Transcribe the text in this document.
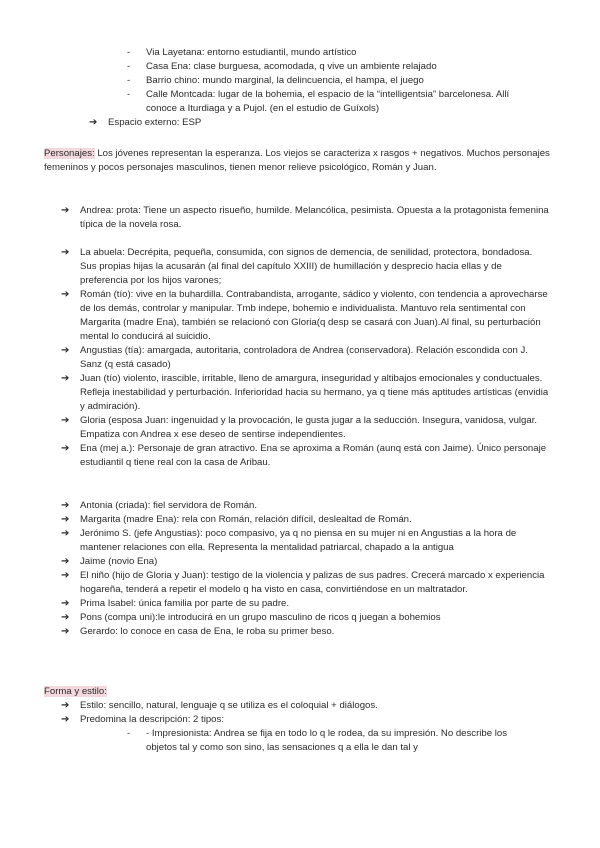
- Via Layetana: entorno estudiantil, mundo artístico
- Casa Ena: clase burguesa, acomodada, q vive un ambiente relajado
- Barrio chino: mundo marginal, la delincuencia, el hampa, el juego
- Calle Montcada: lugar de la bohemia, el espacio de la “intelligentsia” barcelonesa. Allí conoce a Iturdiaga y a Pujol. (en el estudio de Guíxols)
➔ Espacio externo: ESP
Personajes: Los jóvenes representan la esperanza. Los viejos se caracteriza x rasgos + negativos. Muchos personajes femeninos y pocos personajes masculinos, tienen menor relieve psicológico, Román y Juan.
➔ Andrea: prota: Tiene un aspecto risueño, humilde. Melancólica, pesimista. Opuesta a la protagonista femenina típica de la novela rosa.
➔ La abuela: Decrépita, pequeña, consumida, con signos de demencia, de senilidad, protectora, bondadosa. Sus propias hijas la acusarán (al final del capítulo XXIII) de humillación y desprecio hacia ellas y de preferencia por los hijos varones;
➔ Román (tío): vive en la buhardilla. Contrabandista, arrogante, sádico y violento, con tendencia a aprovecharse de los demás, controlar y manipular. Tmb indepe, bohemio e individualista. Mantuvo rela sentimental con Margarita (madre Ena), también se relacionó con Gloria(q desp se casará con Juan).Al final, su perturbación mental lo conducirá al suicidio.
➔ Angustias (tía): amargada, autoritaria, controladora de Andrea (conservadora). Relación escondida con J. Sanz (q está casado)
➔ Juan (tío) violento, irascible, irritable, lleno de amargura, inseguridad y altibajos emocionales y conductuales. Refleja inestabilidad y perturbación. Inferioridad hacia su hermano, ya q tiene más aptitudes artísticas (envidia y admiración).
➔ Gloria (esposa Juan: ingenuidad y la provocación, le gusta jugar a la seducción. Insegura, vanidosa, vulgar. Empatiza con Andrea x ese deseo de sentirse independientes.
➔ Ena (mej a.): Personaje de gran atractivo. Ena se aproxima a Román (aunq está con Jaime). Único personaje estudiantil q tiene real con la casa de Aribau.
➔ Antonia (criada): fiel servidora de Román.
➔ Margarita (madre Ena): rela con Román, relación difícil, deslealtad de Román.
➔ Jerónimo S. (jefe Angustias): poco compasivo, ya q no piensa en su mujer ni en Angustias a la hora de mantener relaciones con ella. Representa la mentalidad patriarcal, chapado a la antigua
➔ Jaime (novio Ena)
➔ El niño (hijo de Gloria y Juan): testigo de la violencia y palizas de sus padres. Crecerá marcado x experiencia hogareña, tenderá a repetir el modelo q ha visto en casa, convirtiéndose en un maltratador.
➔ Prima Isabel: única familia por parte de su padre.
➔ Pons (compa uni):le introducirá en un grupo masculino de ricos q juegan a bohemios
➔ Gerardo: lo conoce en casa de Ena, le roba su primer beso.
Forma y estilo:
➔ Estilo: sencillo, natural, lenguaje q se utiliza es el coloquial + diálogos.
➔ Predomina la descripción: 2 tipos:
- - Impresionista: Andrea se fija en todo lo q le rodea, da su impresión. No describe los objetos tal y como son sino, las sensaciones q a ella le dan tal y
